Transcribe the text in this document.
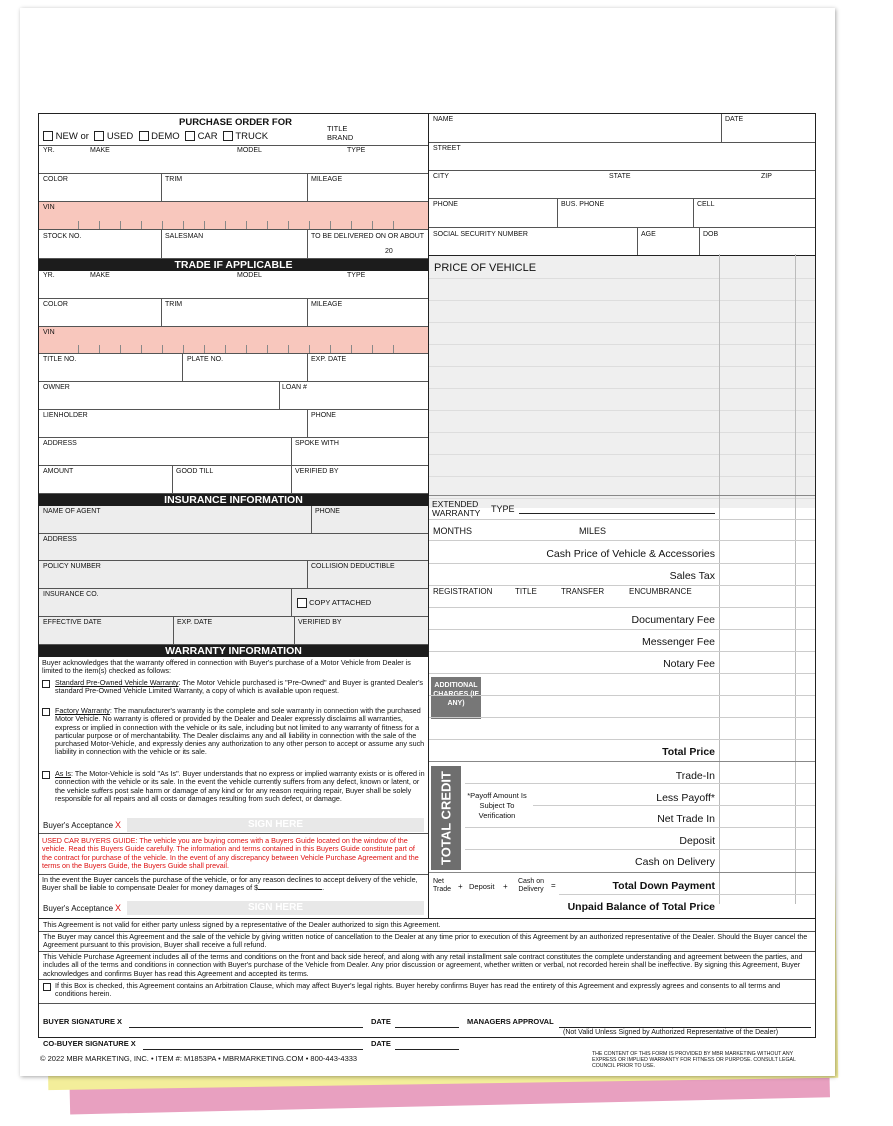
PURCHASE ORDER FOR
NEW or USED DEMO CAR TRUCK
TITLE BRAND
YR.	MAKE	MODEL	TYPE
COLOR	TRIM	MILEAGE
VIN
STOCK NO.	SALESMAN	TO BE DELIVERED ON OR ABOUT
20
TRADE IF APPLICABLE
YR.	MAKE	MODEL	TYPE
COLOR	TRIM	MILEAGE
VIN
TITLE NO.	PLATE NO.	EXP. DATE
OWNER	LOAN #
LIENHOLDER	PHONE
ADDRESS	SPOKE WITH
AMOUNT	GOOD TILL	VERIFIED BY
INSURANCE INFORMATION
NAME OF AGENT	PHONE
ADDRESS
POLICY NUMBER	COLLISION DEDUCTIBLE
INSURANCE CO.
COPY ATTACHED
EFFECTIVE DATE	EXP. DATE	VERIFIED BY
WARRANTY INFORMATION
Buyer acknowledges that the warranty offered in connection with Buyer's purchase of a Motor Vehicle from Dealer is limited to the item(s) checked as follows:
Standard Pre-Owned Vehicle Warranty: The Motor Vehicle purchased is "Pre-Owned" and Buyer is granted Dealer's standard Pre-Owned Vehicle Limited Warranty, a copy of which is available upon request.
Factory Warranty: The manufacturer's warranty is the complete and sole warranty in connection with the purchased Motor Vehicle. No warranty is offered or provided by the Dealer and Dealer expressly disclaims all warranties, express or implied in connection with the vehicle or its sale, including but not limited to any warranty of fitness for a particular purpose or of merchantability. The Dealer disclaims any and all liability in connection with the sale of the purchased Motor-Vehicle, and expressly denies any authorization to any other person to accept or assume any such liability in connection with the vehicle or its sale.
As Is: The Motor-Vehicle is sold "As Is". Buyer understands that no express or implied warranty exists or is offered in connection with the vehicle or its sale. In the event the vehicle currently suffers from any defect, known or latent, or the vehicle suffers post sale harm or damage of any kind or for any reason requiring repair, Buyer shall be solely responsible for all repairs and all costs or damages resulting from such defect, or damage.
Buyer's Acceptance X	SIGN HERE
USED CAR BUYERS GUIDE: The vehicle you are buying comes with a Buyers Guide located on the window of the vehicle. Read this Buyers Guide carefully. The information and terms contained in this Buyers Guide constitute part of the contract for purchase of the vehicle. In the event of any discrepancy between Vehicle Purchase Agreement and the terms on the Buyers Guide, the Buyers Guide shall prevail.
In the event the Buyer cancels the purchase of the vehicle, or for any reason declines to accept delivery of the vehicle, Buyer shall be liable to compensate Dealer for money damages of $	.
Buyer's Acceptance X	SIGN HERE
NAME	DATE
STREET
CITY	STATE	ZIP
PHONE	BUS. PHONE	CELL
SOCIAL SECURITY NUMBER	AGE	DOB
PRICE OF VEHICLE
EXTENDED WARRANTY	TYPE
MONTHS	MILES
Cash Price of Vehicle & Accessories
Sales Tax
REGISTRATION	TITLE	TRANSFER	ENCUMBRANCE
Documentary Fee
Messenger Fee
Notary Fee
ADDITIONAL CHARGES (IF ANY)
Total Price
TOTAL CREDIT	Trade-In
*Payoff Amount Is Subject To Verification
Less Payoff*
Net Trade In
Deposit
Cash on Delivery
Net Trade + Deposit +
Cash on Delivery =	Total Down Payment
Unpaid Balance of Total Price
This Agreement is not valid for either party unless signed by a representative of the Dealer authorized to sign this Agreement.
The Buyer may cancel this Agreement and the sale of the vehicle by giving written notice of cancellation to the Dealer at any time prior to execution of this Agreement by an authorized representative of the Dealer. Should the Buyer cancel the Agreement pursuant to this provision, Buyer shall receive a full refund.
This Vehicle Purchase Agreement includes all of the terms and conditions on the front and back side hereof, and along with any retail installment sale contract constitutes the complete understanding and agreement between the parties, and includes all of the terms and conditions in connection with Buyer's purchase of the Vehicle from Dealer. Any prior discussion or agreement, whether written or verbal, not recorded herein shall be ineffective. By signing this Agreement, Buyer acknowledges and confirms Buyer has read this Agreement and accepted its terms.
If this Box is checked, this Agreement contains an Arbitration Clause, which may affect Buyer's legal rights. Buyer hereby confirms Buyer has read the entirety of this Agreement and expressly agrees and consents to all terms and conditions herein.
BUYER SIGNATURE X	DATE	MANAGERS APPROVAL
(Not Valid Unless Signed by Authorized Representative of the Dealer)
CO-BUYER SIGNATURE X	DATE
© 2022 MBR MARKETING, INC. • ITEM #: M1853PA • MBRMARKETING.COM • 800-443-4333	THE CONTENT OF THIS FORM IS PROVIDED BY MBR MARKETING WITHOUT ANY EXPRESS OR IMPLIED WARRANTY FOR FITNESS OR PURPOSE. CONSULT LEGAL COUNCIL PRIOR TO USE.
